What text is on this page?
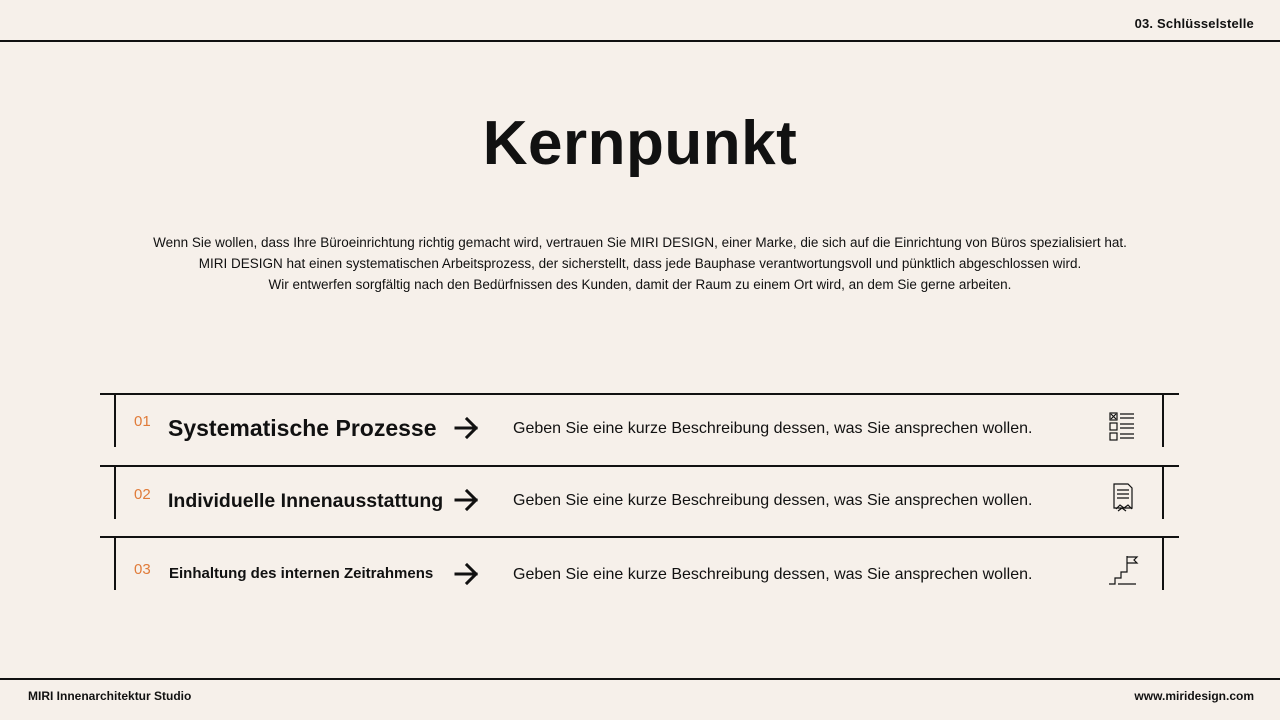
03. Schlüsselstelle
Kernpunkt
Wenn Sie wollen, dass Ihre Büroeinrichtung richtig gemacht wird, vertrauen Sie MIRI DESIGN, einer Marke, die sich auf die Einrichtung von Büros spezialisiert hat.
MIRI DESIGN hat einen systematischen Arbeitsprozess, der sicherstellt, dass jede Bauphase verantwortungsvoll und pünktlich abgeschlossen wird.
Wir entwerfen sorgfältig nach den Bedürfnissen des Kunden, damit der Raum zu einem Ort wird, an dem Sie gerne arbeiten.
01 Systematische Prozesse	Geben Sie eine kurze Beschreibung dessen, was Sie ansprechen wollen.
02 Individuelle Innenausstattung	Geben Sie eine kurze Beschreibung dessen, was Sie ansprechen wollen.
03 Einhaltung des internen Zeitrahmens	Geben Sie eine kurze Beschreibung dessen, was Sie ansprechen wollen.
MIRI Innenarchitektur Studio	www.miridesign.com
